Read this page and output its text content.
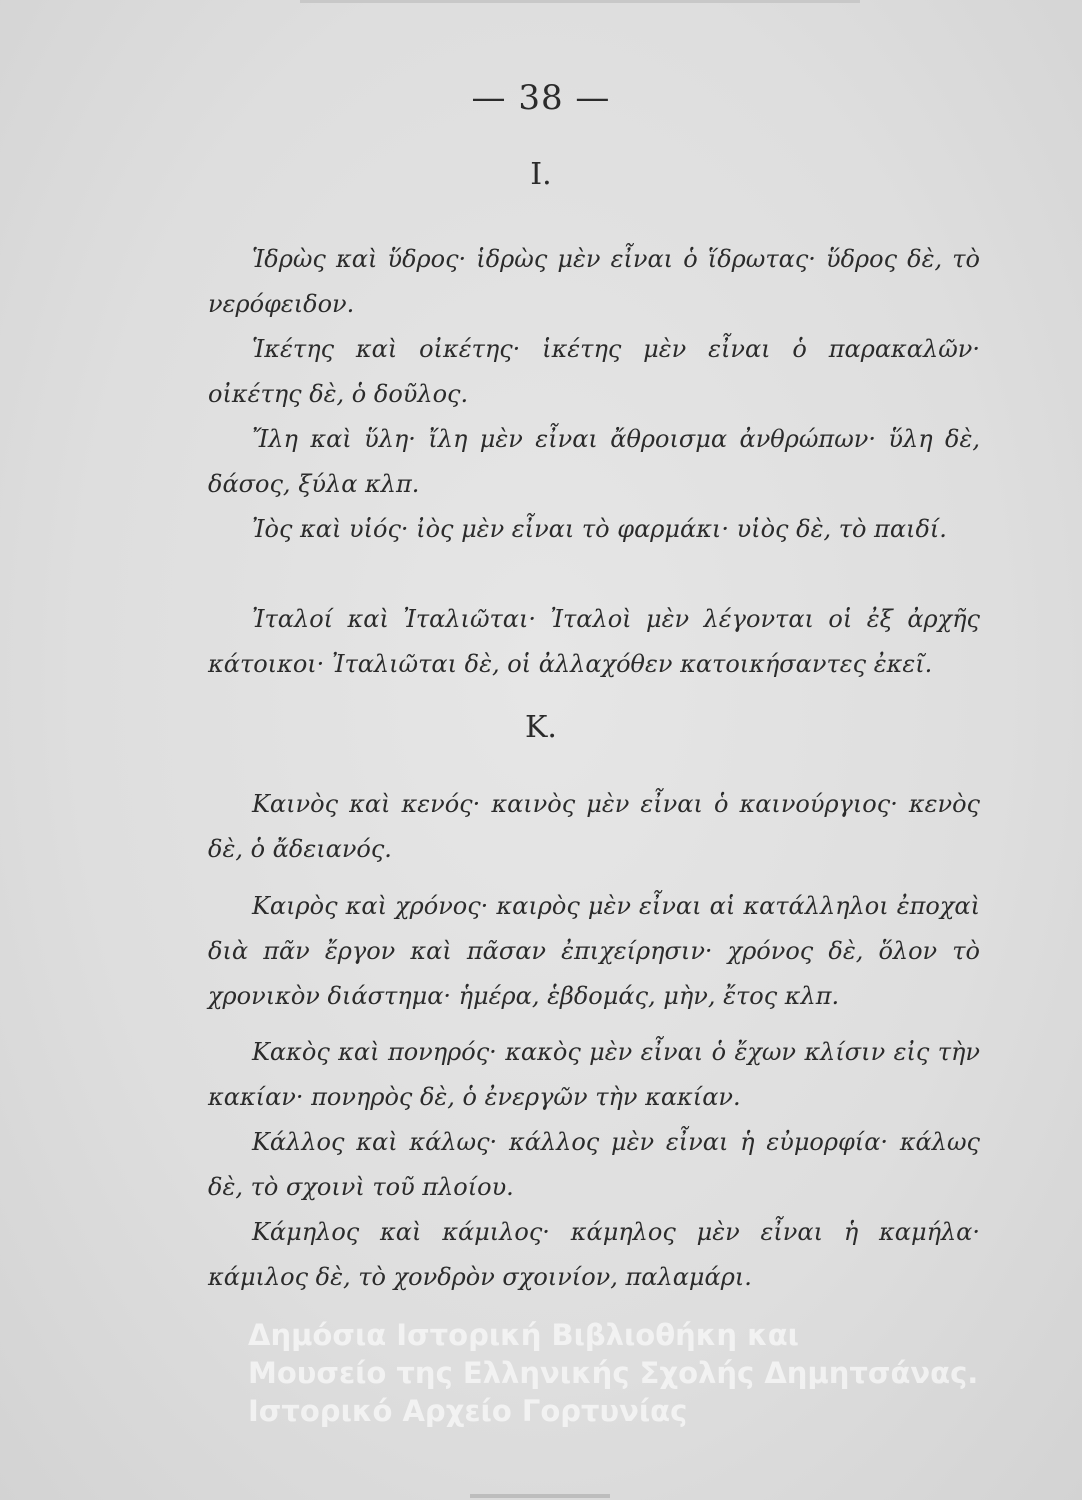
— 38 —
I.
Ἱδρὼς καὶ ὕδρος· ἱδρὼς μὲν εἶναι ὁ ἵδρωτας· ὕδρος δὲ, τὸ νερόφειδον.
Ἱκέτης καὶ οἰκέτης· ἱκέτης μὲν εἶναι ὁ παρακαλῶν· οἰκέτης δὲ, ὁ δοῦλος.
Ἴλη καὶ ὕλη· ἴλη μὲν εἶναι ἄθροισμα ἀνθρώπων· ὕλη δὲ, δάσος, ξύλα κλπ.
Ἰὸς καὶ υἱός· ἰὸς μὲν εἶναι τὸ φαρμάκι· υἱὸς δὲ, τὸ παιδί.
Ἰταλοί καὶ Ἰταλιῶται· Ἰταλοὶ μὲν λέγονται οἱ ἐξ ἀρχῆς κάτοικοι· Ἰταλιῶται δὲ, οἱ ἀλλαχόθεν κατοικήσαντες ἐκεῖ.
K.
Καινὸς καὶ κενός· καινὸς μὲν εἶναι ὁ καινούργιος· κενὸς δὲ, ὁ ἄδειανός.
Καιρὸς καὶ χρόνος· καιρὸς μὲν εἶναι αἱ κατάλληλοι ἐποχαὶ διὰ πᾶν ἔργον καὶ πᾶσαν ἐπιχείρησιν· χρόνος δὲ, ὅλον τὸ χρονικὸν διάστημα· ἡμέρα, ἑβδομάς, μὴν, ἔτος κλπ.
Κακὸς καὶ πονηρός· κακὸς μὲν εἶναι ὁ ἔχων κλίσιν εἰς τὴν κακίαν· πονηρὸς δὲ, ὁ ἐνεργῶν τὴν κακίαν.
Κάλλος καὶ κάλως· κάλλος μὲν εἶναι ἡ εὐμορφία· κάλως δὲ, τὸ σχοινὶ τοῦ πλοίου.
Κάμηλος καὶ κάμιλος· κάμηλος μὲν εἶναι ἡ καμήλα· κάμιλος δὲ, τὸ χονδρὸν σχοινίον, παλαμάρι.
Δημόσια Ιστορική Βιβλιοθήκη και
Μουσείο της Ελληνικής Σχολής Δημητσάνας.
Ιστορικό Αρχείο Γορτυνίας
